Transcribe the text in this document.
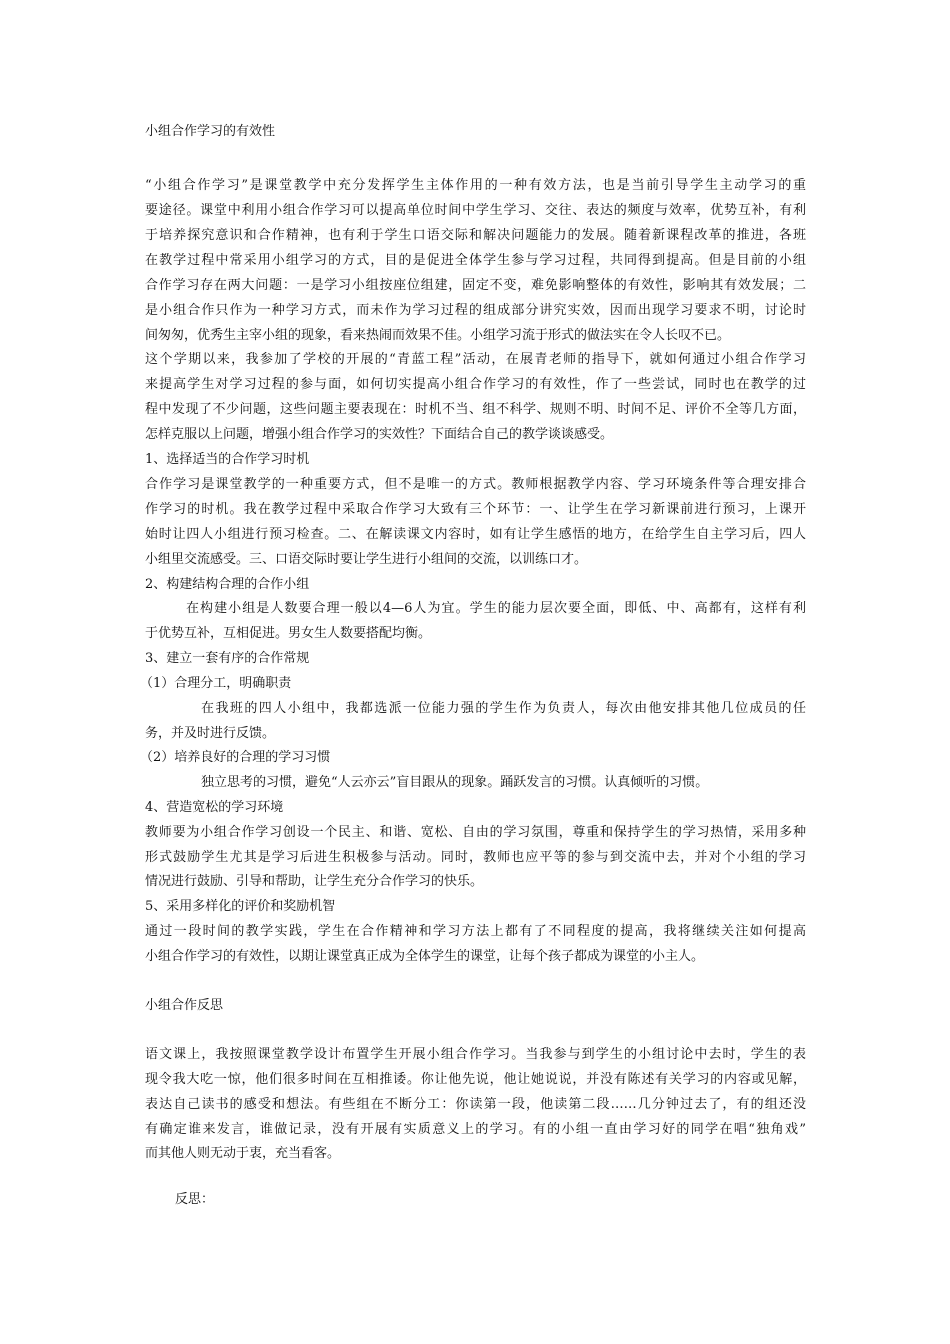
小组合作学习的有效性
“小组合作学习”是课堂教学中充分发挥学生主体作用的一种有效方法，也是当前引导学生主动学习的重
要途径。课堂中利用小组合作学习可以提高单位时间中学生学习、交往、表达的频度与效率，优势互补，有利
于培养探究意识和合作精神，也有利于学生口语交际和解决问题能力的发展。随着新课程改革的推进，各班
在教学过程中常采用小组学习的方式，目的是促进全体学生参与学习过程，共同得到提高。但是目前的小组
合作学习存在两大问题：一是学习小组按座位组建，固定不变，难免影响整体的有效性，影响其有效发展；二
是小组合作只作为一种学习方式，而未作为学习过程的组成部分讲究实效，因而出现学习要求不明，讨论时
间匆匆，优秀生主宰小组的现象，看来热闹而效果不佳。小组学习流于形式的做法实在令人长叹不已。
这个学期以来，我参加了学校的开展的“青蓝工程”活动，在展青老师的指导下，就如何通过小组合作学习
来提高学生对学习过程的参与面，如何切实提高小组合作学习的有效性，作了一些尝试，同时也在教学的过
程中发现了不少问题，这些问题主要表现在：时机不当、组不科学、规则不明、时间不足、评价不全等几方面，
怎样克服以上问题，增强小组合作学习的实效性？下面结合自己的教学谈谈感受。
1、选择适当的合作学习时机
合作学习是课堂教学的一种重要方式，但不是唯一的方式。教师根据教学内容、学习环境条件等合理安排合
作学习的时机。我在教学过程中采取合作学习大致有三个环节：一、让学生在学习新课前进行预习，上课开
始时让四人小组进行预习检查。二、在解读课文内容时，如有让学生感悟的地方，在给学生自主学习后，四人
小组里交流感受。三、口语交际时要让学生进行小组间的交流，以训练口才。
2、构建结构合理的合作小组
在构建小组是人数要合理一般以4—6人为宜。学生的能力层次要全面，即低、中、高都有，这样有利
于优势互补，互相促进。男女生人数要搭配均衡。
3、建立一套有序的合作常规
（1）合理分工，明确职责
在我班的四人小组中，我都选派一位能力强的学生作为负责人，每次由他安排其他几位成员的任
务，并及时进行反馈。
（2）培养良好的合理的学习习惯
独立思考的习惯，避免“人云亦云”盲目跟从的现象。踊跃发言的习惯。认真倾听的习惯。
4、营造宽松的学习环境
教师要为小组合作学习创设一个民主、和谐、宽松、自由的学习氛围，尊重和保持学生的学习热情，采用多种
形式鼓励学生尤其是学习后进生积极参与活动。同时，教师也应平等的参与到交流中去，并对个小组的学习
情况进行鼓励、引导和帮助，让学生充分合作学习的快乐。
5、采用多样化的评价和奖励机智
通过一段时间的教学实践，学生在合作精神和学习方法上都有了不同程度的提高，我将继续关注如何提高
小组合作学习的有效性，以期让课堂真正成为全体学生的课堂，让每个孩子都成为课堂的小主人。
小组合作反思
语文课上，我按照课堂教学设计布置学生开展小组合作学习。当我参与到学生的小组讨论中去时，学生的表
现令我大吃一惊，他们很多时间在互相推诿。你让他先说，他让她说说，并没有陈述有关学习的内容或见解，
表达自己读书的感受和想法。有些组在不断分工：你读第一段，他读第二段……几分钟过去了，有的组还没
有确定谁来发言，谁做记录，没有开展有实质意义上的学习。有的小组一直由学习好的同学在唱“独角戏”
而其他人则无动于衷，充当看客。
反思：
